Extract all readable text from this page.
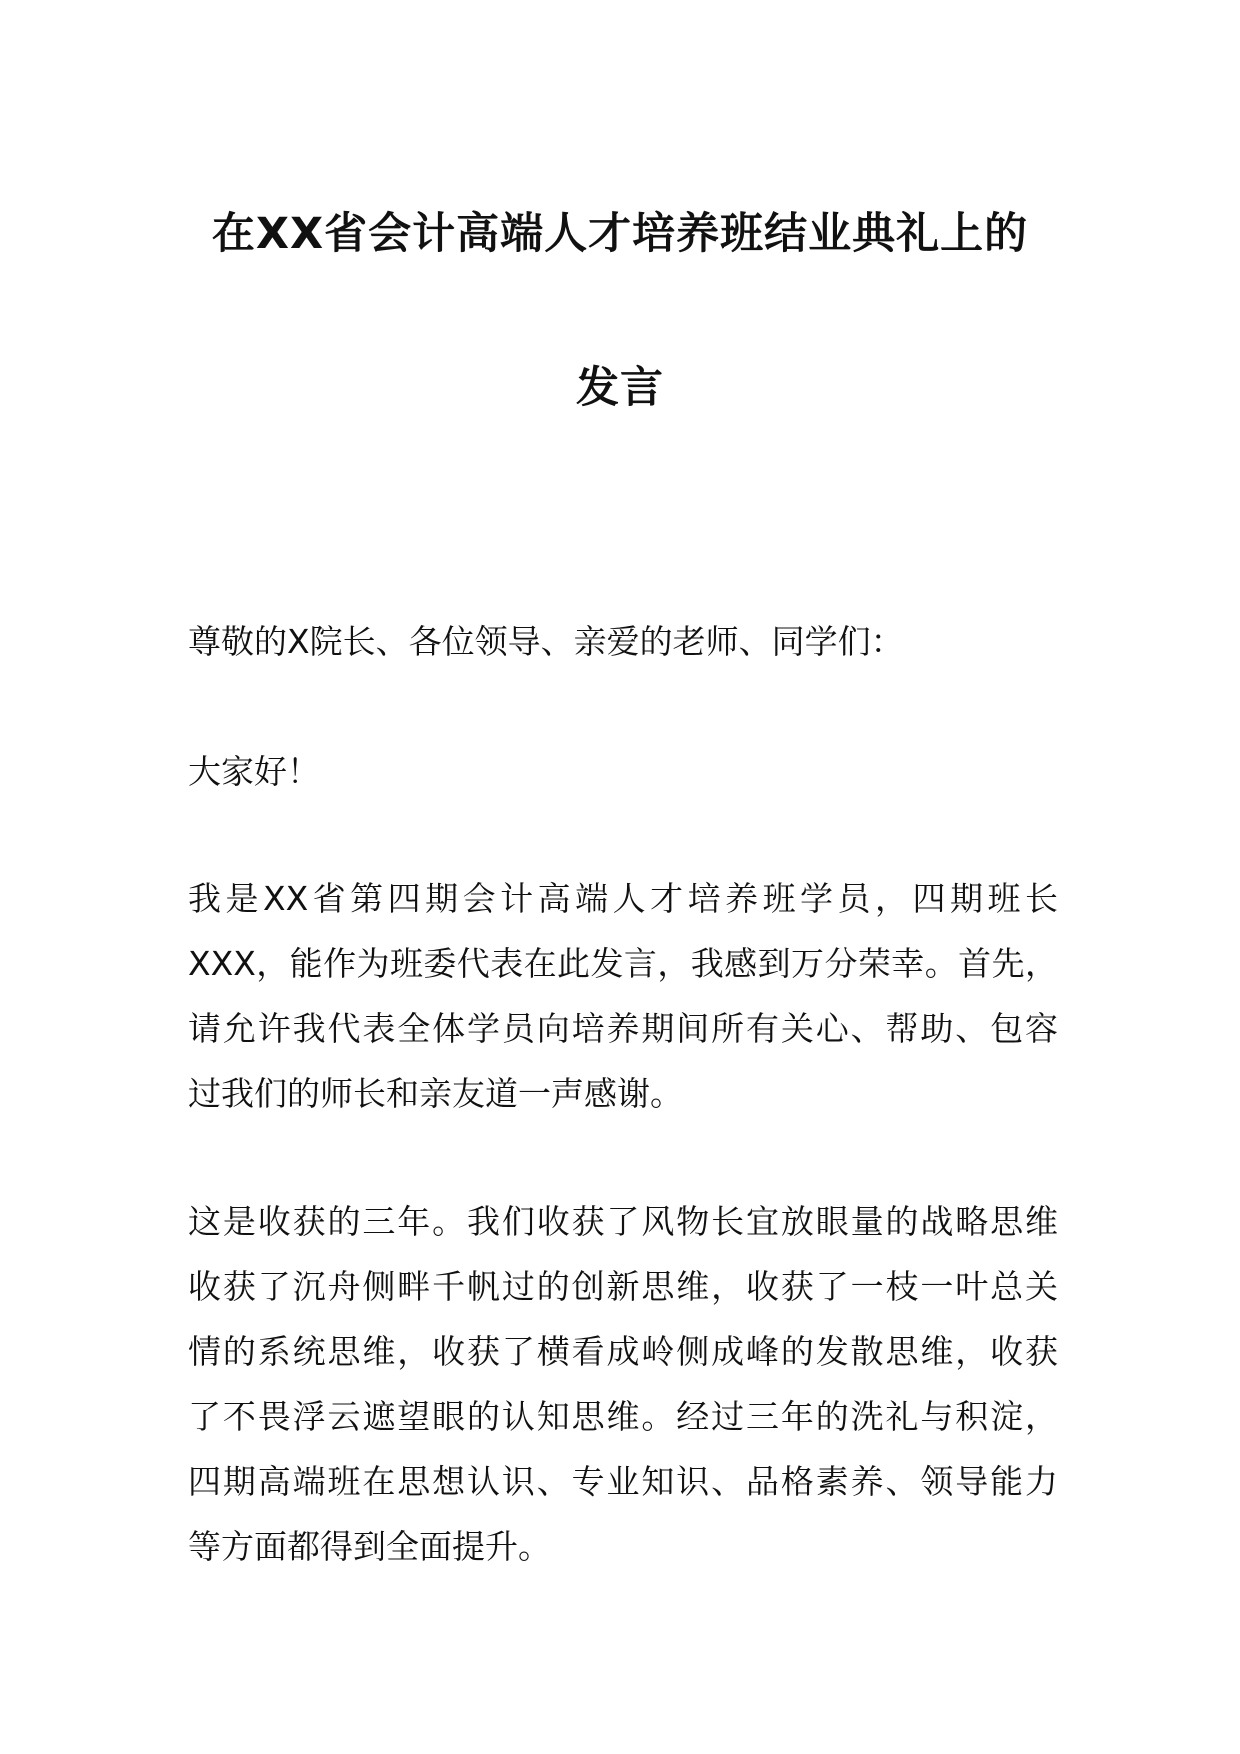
在XX省会计高端人才培养班结业典礼上的
发言

尊敬的X院长、各位领导、亲爱的老师、同学们：

大家好！

我是XX省第四期会计高端人才培养班学员，四期班长
XXX，能作为班委代表在此发言，我感到万分荣幸。首先，
请允许我代表全体学员向培养期间所有关心、帮助、包容
过我们的师长和亲友道一声感谢。

这是收获的三年。我们收获了风物长宜放眼量的战略思维
收获了沉舟侧畔千帆过的创新思维，收获了一枝一叶总关
情的系统思维，收获了横看成岭侧成峰的发散思维，收获
了不畏浮云遮望眼的认知思维。经过三年的洗礼与积淀，
四期高端班在思想认识、专业知识、品格素养、领导能力
等方面都得到全面提升。
